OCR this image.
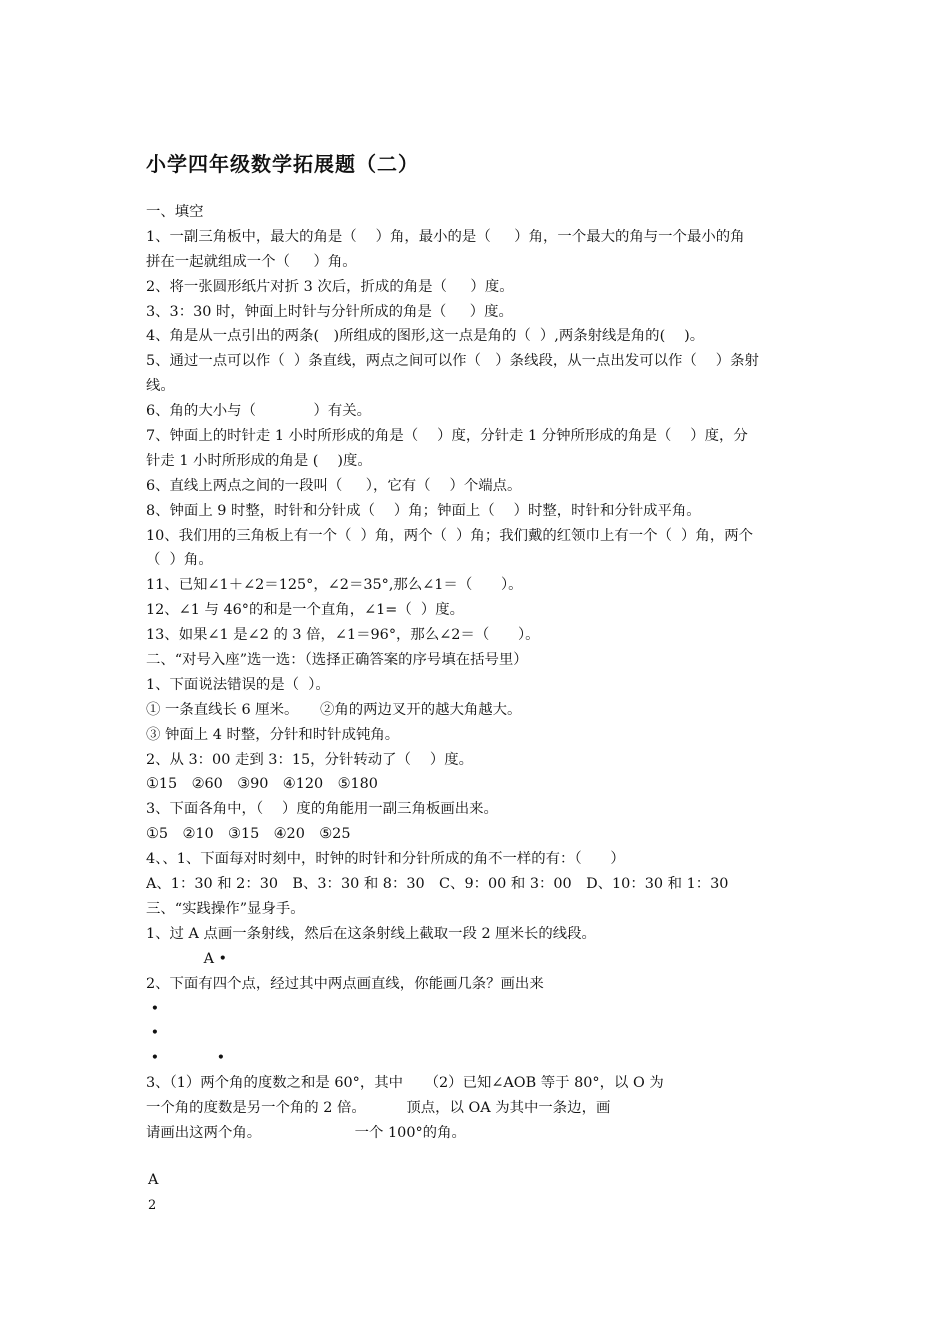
小学四年级数学拓展题（二）
一、填空
1、一副三角板中，最大的角是（　 ）角，最小的是（　  ）角，一个最大的角与一个最小的角
拼在一起就组成一个（　  ）角。
2、将一张圆形纸片对折 3 次后，折成的角是（　  ）度。
3、3：30 时，钟面上时针与分针所成的角是（　  ）度。
4、角是从一点引出的两条(　)所组成的图形,这一点是角的（  ）,两条射线是角的(　 )。
5、通过一点可以作（  ）条直线，两点之间可以作（　）条线段，从一点出发可以作（　 ）条射
线。
6、角的大小与（　　　　）有关。
7、钟面上的时针走 1 小时所形成的角是（　 ）度，分针走 1 分钟所形成的角是（　 ）度，分
针走 1 小时所形成的角是 (　 )度。
6、直线上两点之间的一段叫（　  ），它有（　 ）个端点。
8、钟面上 9 时整，时针和分针成（　 ）角；钟面上（　 ）时整，时针和分针成平角。
10、我们用的三角板上有一个（  ）角，两个（  ）角；我们戴的红领巾上有一个（  ）角，两个
（  ）角。
11、已知∠1＋∠2＝125°，∠2＝35°,那么∠1＝（　　）。
12、∠1 与 46°的和是一个直角，∠1=（  ）度。
13、如果∠1 是∠2 的 3 倍，∠1＝96°，那么∠2＝（　　）。
二、“对号入座”选一选：（选择正确答案的序号填在括号里）
1、下面说法错误的是（  ）。
① 一条直线长 6 厘米。　　②角的两边叉开的越大角越大。
③ 钟面上 4 时整，分针和时针成钝角。
2、从 3：00 走到 3：15，分针转动了（　 ）度。
①15　②60　③90　④120　⑤180
3、下面各角中，（　 ）度的角能用一副三角板画出来。
①5　②10　③15　④20　⑤25
4、、1、下面每对时刻中，时钟的时针和分针所成的角不一样的有：（　　）
A、1：30 和 2：30　B、3：30 和 8：30　C、9：00 和 3：00　D、10：30 和 1：30
三、“实践操作”显身手。
1、过 A 点画一条射线，然后在这条射线上截取一段 2 厘米长的线段。
　　　　A •
2、下面有四个点，经过其中两点画直线，你能画几条？画出来
•
•
•　　　　•
3、（1）两个角的度数之和是 60°，其中　　（2）已知∠AOB 等于 80°，以 O 为
一个角的度数是另一个角的 2 倍。　　　 顶点，以 OA 为其中一条边，画
请画出这两个角。　　　　　　　一个 100°的角。
A
2
